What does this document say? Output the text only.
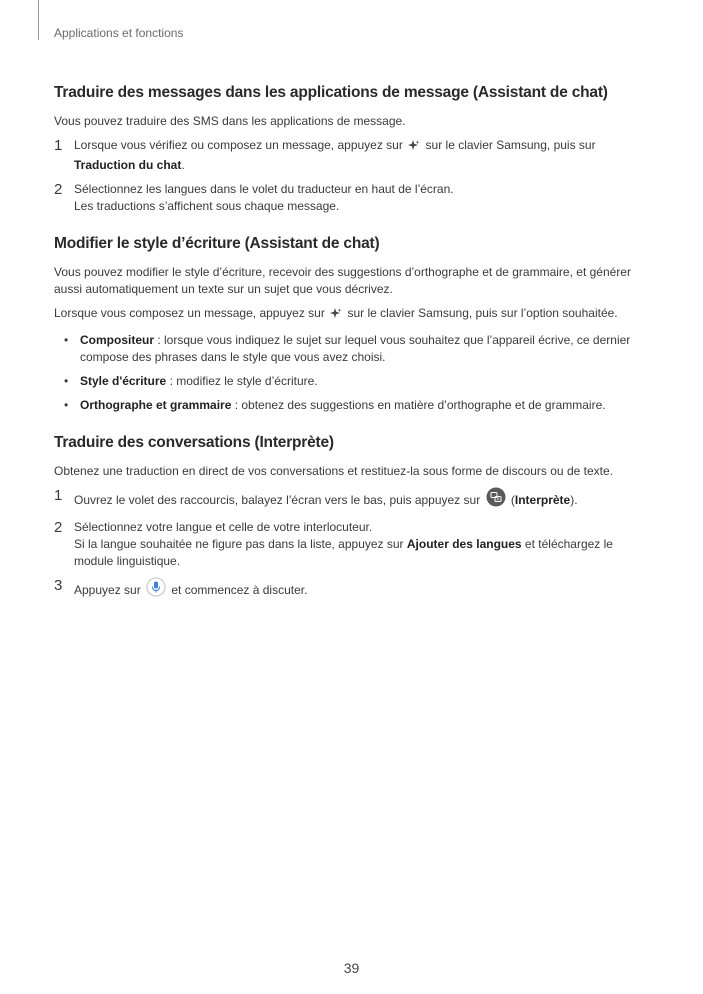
Applications et fonctions
Traduire des messages dans les applications de message (Assistant de chat)

Vous pouvez traduire des SMS dans les applications de message.

1 Lorsque vous vérifiez ou composez un message, appuyez sur  sur le clavier Samsung, puis sur Traduction du chat.
2 Sélectionnez les langues dans le volet du traducteur en haut de l’écran.
Les traductions s’affichent sous chaque message.
Modifier le style d’écriture (Assistant de chat)

Vous pouvez modifier le style d’écriture, recevoir des suggestions d’orthographe et de grammaire, et générer aussi automatiquement un texte sur un sujet que vous décrivez.

Lorsque vous composez un message, appuyez sur  sur le clavier Samsung, puis sur l’option souhaitée.

• Compositeur : lorsque vous indiquez le sujet sur lequel vous souhaitez que l’appareil écrive, ce dernier compose des phrases dans le style que vous avez choisi.
• Style d'écriture : modifiez le style d’écriture.
• Orthographe et grammaire : obtenez des suggestions en matière d’orthographe et de grammaire.
Traduire des conversations (Interprète)

Obtenez une traduction en direct de vos conversations et restituez-la sous forme de discours ou de texte.

1 Ouvrez le volet des raccourcis, balayez l’écran vers le bas, puis appuyez sur	A (Interprète).
2 Sélectionnez votre langue et celle de votre interlocuteur.
Si la langue souhaitée ne figure pas dans la liste, appuyez sur Ajouter des langues et téléchargez le module linguistique.
3 Appuyez sur  et commencez à discuter.
39
